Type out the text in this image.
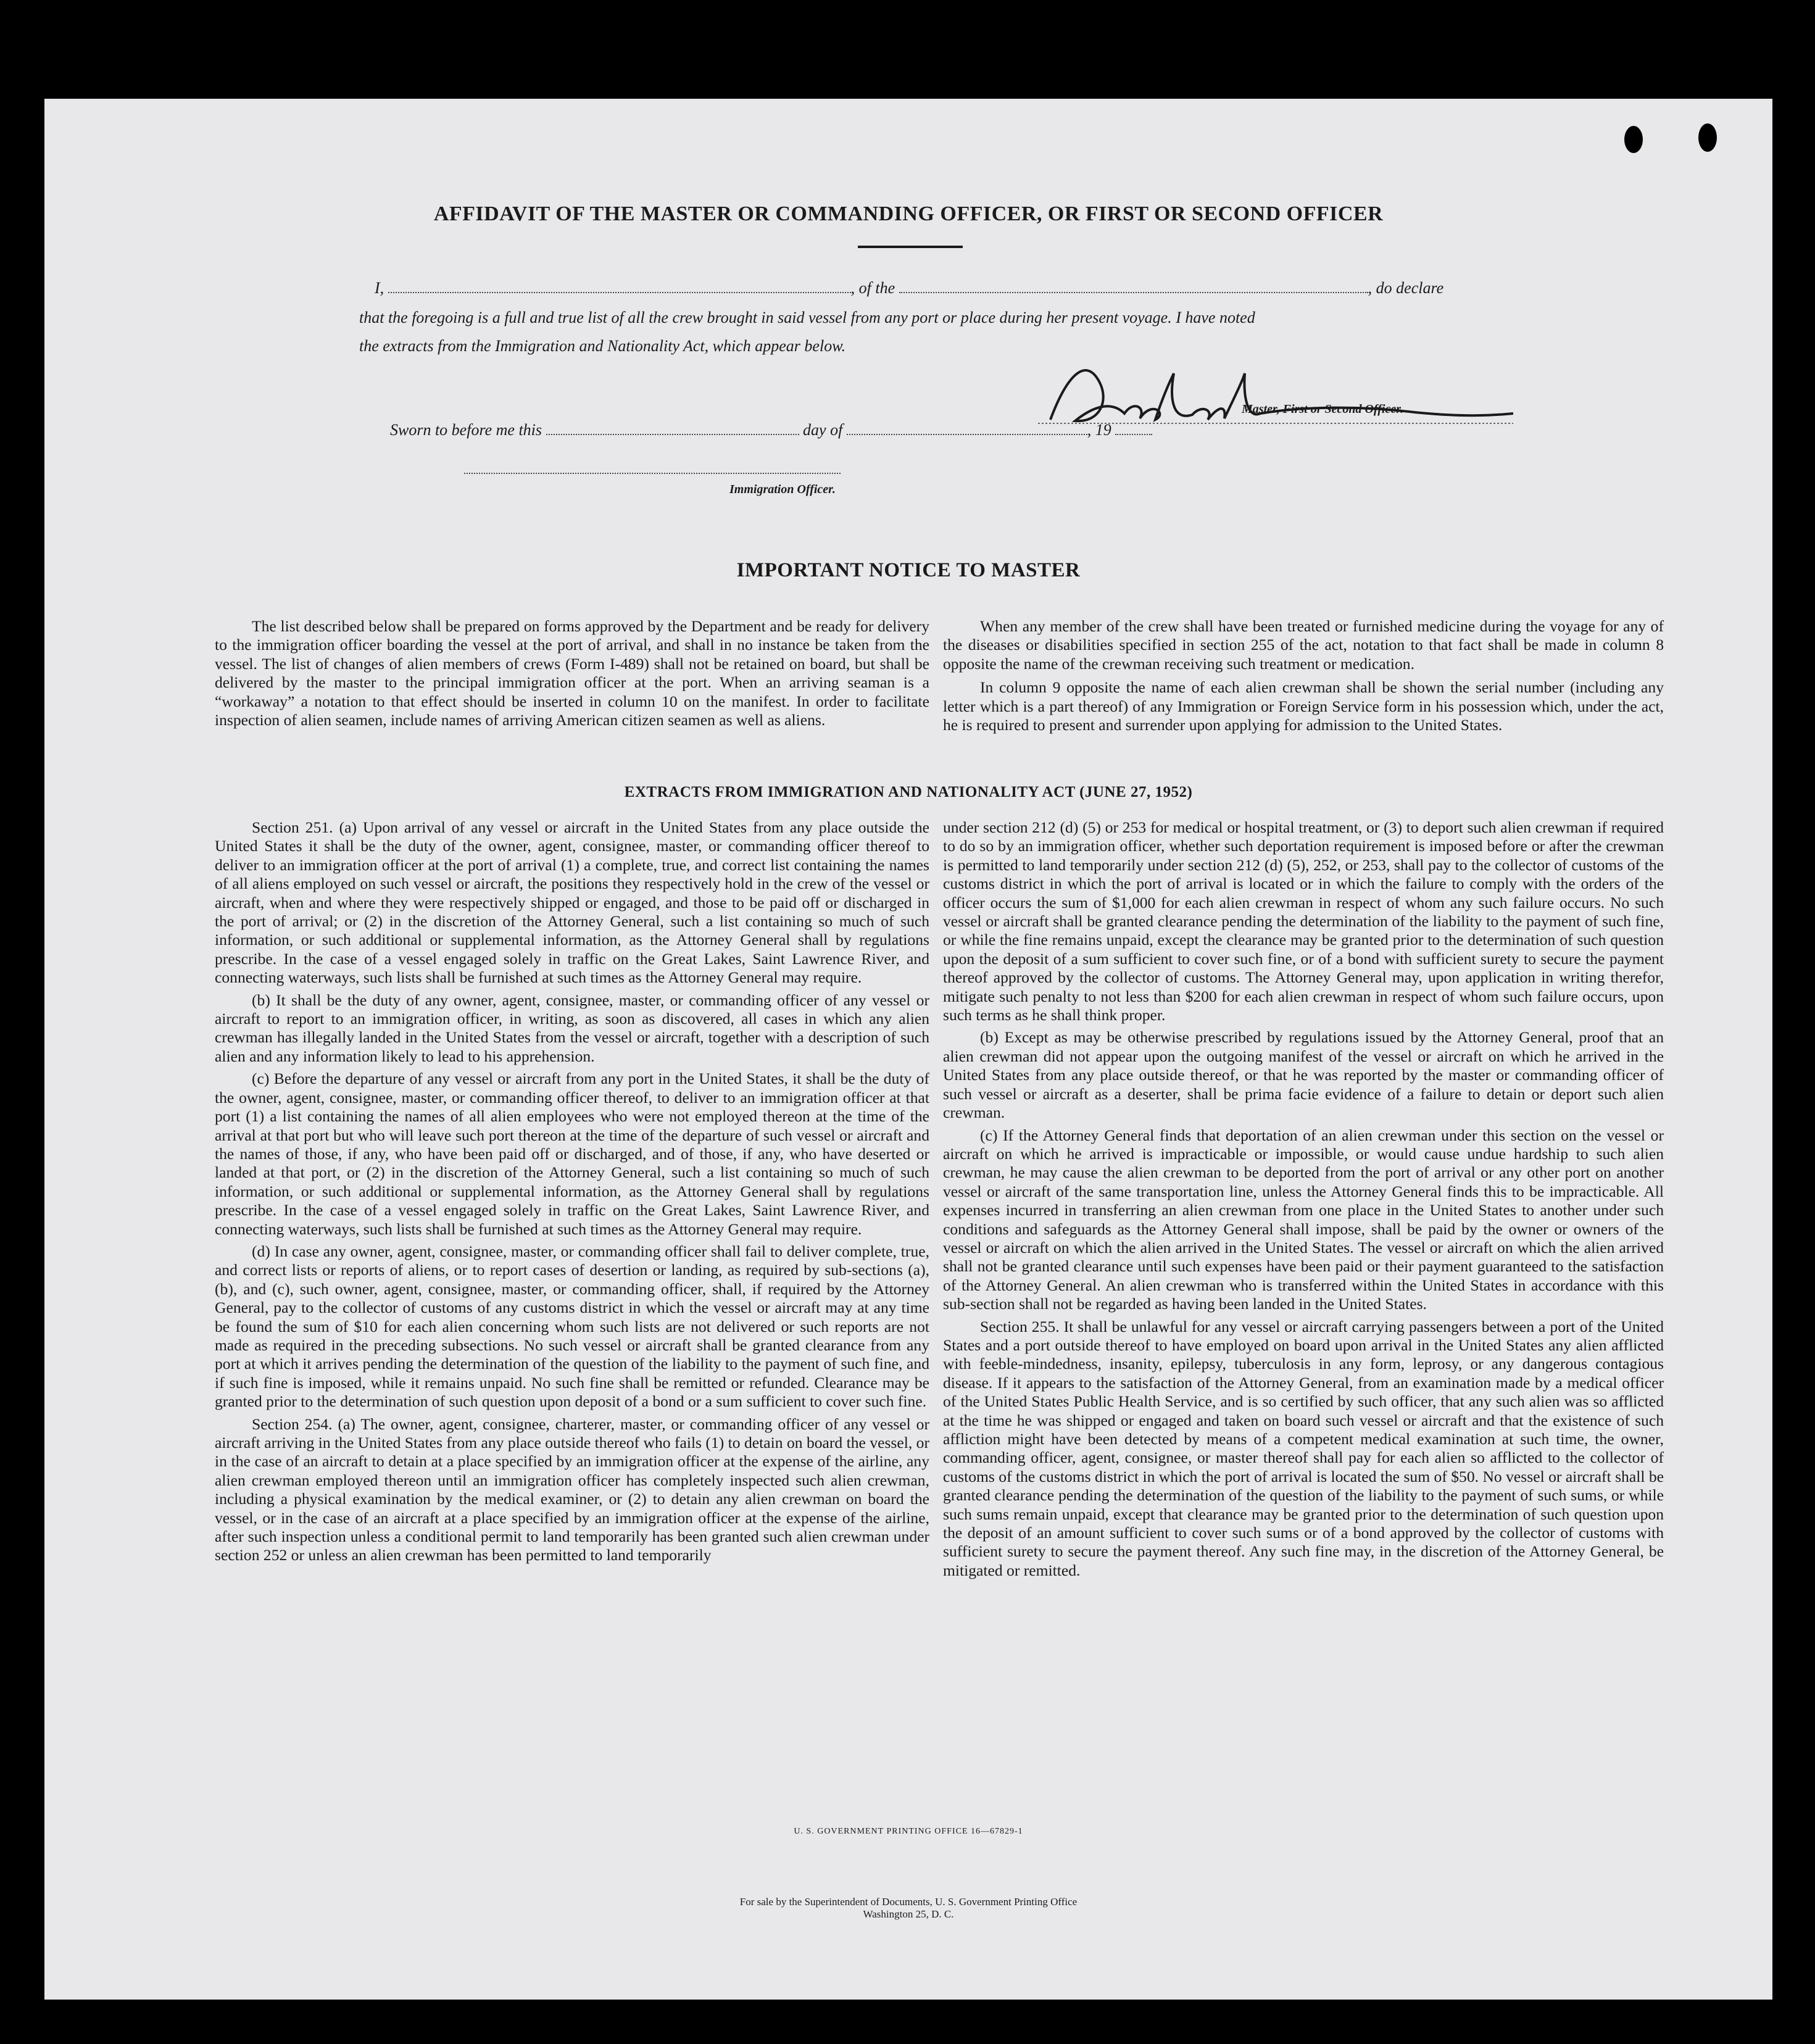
AFFIDAVIT OF THE MASTER OR COMMANDING OFFICER, OR FIRST OR SECOND OFFICER
I,	, of the	, do declare
that the foregoing is a full and true list of all the crew brought in said vessel from any port or place during her present voyage. I have noted
the extracts from the Immigration and Nationality Act, which appear below.
Master, First or Second Officer.
Sworn to before me this	day of	, 19
Immigration Officer.
IMPORTANT NOTICE TO MASTER

The list described below shall be prepared on forms approved by the Department and be ready for delivery to the immigration officer boarding the vessel at the port of arrival, and shall in no instance be taken from the vessel. The list of changes of alien members of crews (Form I-489) shall not be retained on board, but shall be delivered by the master to the principal immigration officer at the port. When an arriving seaman is a “workaway” a notation to that effect should be inserted in column 10 on the manifest. In order to facilitate inspection of alien seamen, include names of arriving American citizen seamen as well as aliens.

When any member of the crew shall have been treated or furnished medicine during the voyage for any of the diseases or disabilities specified in section 255 of the act, notation to that fact shall be made in column 8 opposite the name of the crewman receiving such treatment or medication.

In column 9 opposite the name of each alien crewman shall be shown the serial number (including any letter which is a part thereof) of any Immigration or Foreign Service form in his possession which, under the act, he is required to present and surrender upon applying for admission to the United States.

EXTRACTS FROM IMMIGRATION AND NATIONALITY ACT (JUNE 27, 1952)

Section 251. (a) Upon arrival of any vessel or aircraft in the United States from any place outside the United States it shall be the duty of the owner, agent, consignee, master, or commanding officer thereof to deliver to an immigration officer at the port of arrival (1) a complete, true, and correct list containing the names of all aliens employed on such vessel or aircraft, the positions they respectively hold in the crew of the vessel or aircraft, when and where they were respectively shipped or engaged, and those to be paid off or discharged in the port of arrival; or (2) in the discretion of the Attorney General, such a list containing so much of such information, or such additional or supplemental information, as the Attorney General shall by regulations prescribe. In the case of a vessel engaged solely in traffic on the Great Lakes, Saint Lawrence River, and connecting waterways, such lists shall be furnished at such times as the Attorney General may require.

(b) It shall be the duty of any owner, agent, consignee, master, or commanding officer of any vessel or aircraft to report to an immigration officer, in writing, as soon as discovered, all cases in which any alien crewman has illegally landed in the United States from the vessel or aircraft, together with a description of such alien and any information likely to lead to his apprehension.

(c) Before the departure of any vessel or aircraft from any port in the United States, it shall be the duty of the owner, agent, consignee, master, or commanding officer thereof, to deliver to an immigration officer at that port (1) a list containing the names of all alien employees who were not employed thereon at the time of the arrival at that port but who will leave such port thereon at the time of the departure of such vessel or aircraft and the names of those, if any, who have been paid off or discharged, and of those, if any, who have deserted or landed at that port, or (2) in the discretion of the Attorney General, such a list containing so much of such information, or such additional or supplemental information, as the Attorney General shall by regulations prescribe. In the case of a vessel engaged solely in traffic on the Great Lakes, Saint Lawrence River, and connecting waterways, such lists shall be furnished at such times as the Attorney General may require.

(d) In case any owner, agent, consignee, master, or commanding officer shall fail to deliver complete, true, and correct lists or reports of aliens, or to report cases of desertion or landing, as required by sub-sections (a), (b), and (c), such owner, agent, consignee, master, or commanding officer, shall, if required by the Attorney General, pay to the collector of customs of any customs district in which the vessel or aircraft may at any time be found the sum of $10 for each alien concerning whom such lists are not delivered or such reports are not made as required in the preceding subsections. No such vessel or aircraft shall be granted clearance from any port at which it arrives pending the determination of the question of the liability to the payment of such fine, and if such fine is imposed, while it remains unpaid. No such fine shall be remitted or refunded. Clearance may be granted prior to the determination of such question upon deposit of a bond or a sum sufficient to cover such fine.

Section 254. (a) The owner, agent, consignee, charterer, master, or commanding officer of any vessel or aircraft arriving in the United States from any place outside thereof who fails (1) to detain on board the vessel, or in the case of an aircraft to detain at a place specified by an immigration officer at the expense of the airline, any alien crewman employed thereon until an immigration officer has completely inspected such alien crewman, including a physical examination by the medical examiner, or (2) to detain any alien crewman on board the vessel, or in the case of an aircraft at a place specified by an immigration officer at the expense of the airline, after such inspection unless a conditional permit to land temporarily has been granted such alien crewman under section 252 or unless an alien crewman has been permitted to land temporarily

under section 212 (d) (5) or 253 for medical or hospital treatment, or (3) to deport such alien crewman if required to do so by an immigration officer, whether such deportation requirement is imposed before or after the crewman is permitted to land temporarily under section 212 (d) (5), 252, or 253, shall pay to the collector of customs of the customs district in which the port of arrival is located or in which the failure to comply with the orders of the officer occurs the sum of $1,000 for each alien crewman in respect of whom any such failure occurs. No such vessel or aircraft shall be granted clearance pending the determination of the liability to the payment of such fine, or while the fine remains unpaid, except the clearance may be granted prior to the determination of such question upon the deposit of a sum sufficient to cover such fine, or of a bond with sufficient surety to secure the payment thereof approved by the collector of customs. The Attorney General may, upon application in writing therefor, mitigate such penalty to not less than $200 for each alien crewman in respect of whom such failure occurs, upon such terms as he shall think proper.

(b) Except as may be otherwise prescribed by regulations issued by the Attorney General, proof that an alien crewman did not appear upon the outgoing manifest of the vessel or aircraft on which he arrived in the United States from any place outside thereof, or that he was reported by the master or commanding officer of such vessel or aircraft as a deserter, shall be prima facie evidence of a failure to detain or deport such alien crewman.

(c) If the Attorney General finds that deportation of an alien crewman under this section on the vessel or aircraft on which he arrived is impracticable or impossible, or would cause undue hardship to such alien crewman, he may cause the alien crewman to be deported from the port of arrival or any other port on another vessel or aircraft of the same transportation line, unless the Attorney General finds this to be impracticable. All expenses incurred in transferring an alien crewman from one place in the United States to another under such conditions and safeguards as the Attorney General shall impose, shall be paid by the owner or owners of the vessel or aircraft on which the alien arrived in the United States. The vessel or aircraft on which the alien arrived shall not be granted clearance until such expenses have been paid or their payment guaranteed to the satisfaction of the Attorney General. An alien crewman who is transferred within the United States in accordance with this sub-section shall not be regarded as having been landed in the United States.

Section 255. It shall be unlawful for any vessel or aircraft carrying passengers between a port of the United States and a port outside thereof to have employed on board upon arrival in the United States any alien afflicted with feeble-mindedness, insanity, epilepsy, tuberculosis in any form, leprosy, or any dangerous contagious disease. If it appears to the satisfaction of the Attorney General, from an examination made by a medical officer of the United States Public Health Service, and is so certified by such officer, that any such alien was so afflicted at the time he was shipped or engaged and taken on board such vessel or aircraft and that the existence of such affliction might have been detected by means of a competent medical examination at such time, the owner, commanding officer, agent, consignee, or master thereof shall pay for each alien so afflicted to the collector of customs of the customs district in which the port of arrival is located the sum of $50. No vessel or aircraft shall be granted clearance pending the determination of the question of the liability to the payment of such sums, or while such sums remain unpaid, except that clearance may be granted prior to the determination of such question upon the deposit of an amount sufficient to cover such sums or of a bond approved by the collector of customs with sufficient surety to secure the payment thereof. Any such fine may, in the discretion of the Attorney General, be mitigated or remitted.

U. S. GOVERNMENT PRINTING OFFICE 16—67829-1
For sale by the Superintendent of Documents, U. S. Government Printing Office
Washington 25, D. C.
